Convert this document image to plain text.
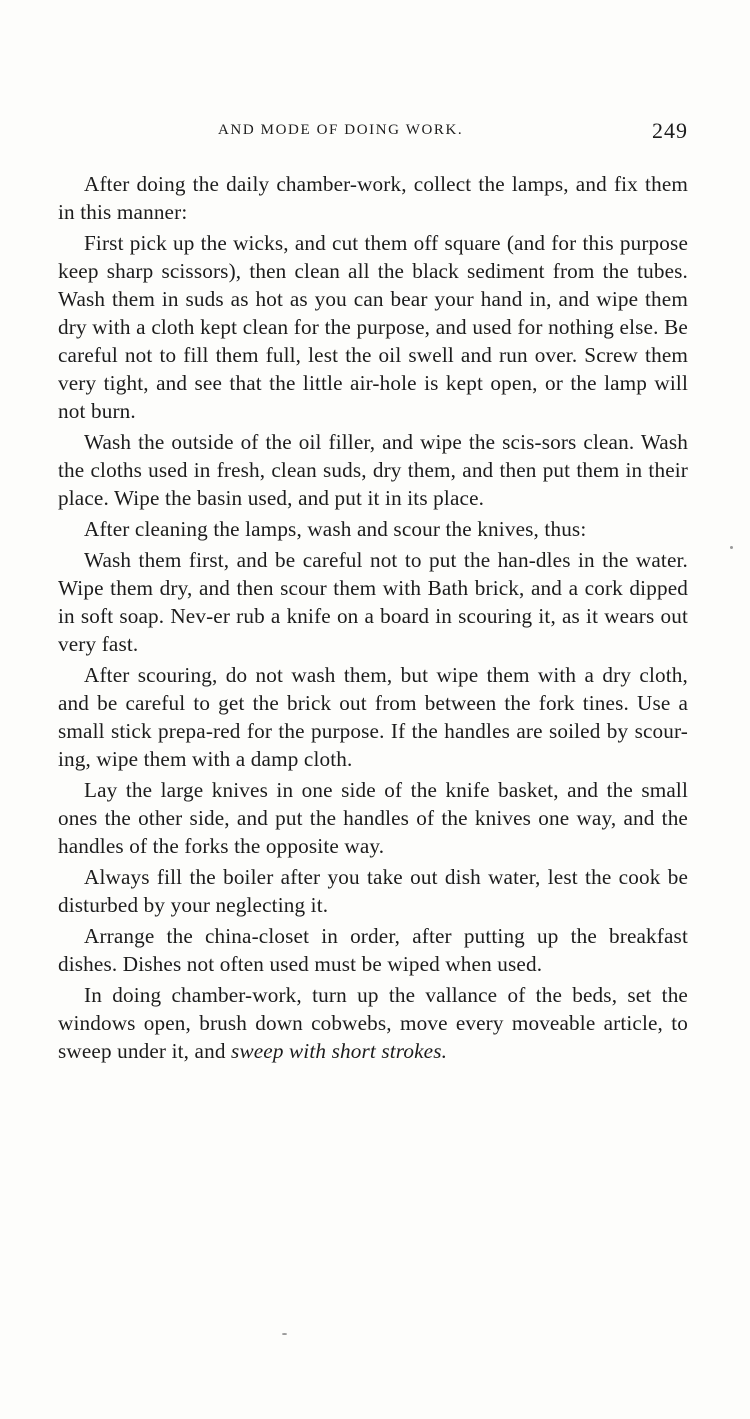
AND MODE OF DOING WORK.	249

After doing the daily chamber-work, collect the lamps, and fix them in this manner:

First pick up the wicks, and cut them off square (and for this purpose keep sharp scissors), then clean all the black sediment from the tubes. Wash them in suds as hot as you can bear your hand in, and wipe them dry with a cloth kept clean for the purpose, and used for nothing else. Be careful not to fill them full, lest the oil swell and run over. Screw them very tight, and see that the little air-hole is kept open, or the lamp will not burn.

Wash the outside of the oil filler, and wipe the scis-sors clean. Wash the cloths used in fresh, clean suds, dry them, and then put them in their place. Wipe the basin used, and put it in its place.

After cleaning the lamps, wash and scour the knives, thus:

Wash them first, and be careful not to put the han-dles in the water. Wipe them dry, and then scour them with Bath brick, and a cork dipped in soft soap. Nev-er rub a knife on a board in scouring it, as it wears out very fast.

After scouring, do not wash them, but wipe them with a dry cloth, and be careful to get the brick out from between the fork tines. Use a small stick prepa-red for the purpose. If the handles are soiled by scour-ing, wipe them with a damp cloth.

Lay the large knives in one side of the knife basket, and the small ones the other side, and put the handles of the knives one way, and the handles of the forks the opposite way.

Always fill the boiler after you take out dish water, lest the cook be disturbed by your neglecting it.

Arrange the china-closet in order, after putting up the breakfast dishes. Dishes not often used must be wiped when used.

In doing chamber-work, turn up the vallance of the beds, set the windows open, brush down cobwebs, move every moveable article, to sweep under it, and sweep with short strokes.
